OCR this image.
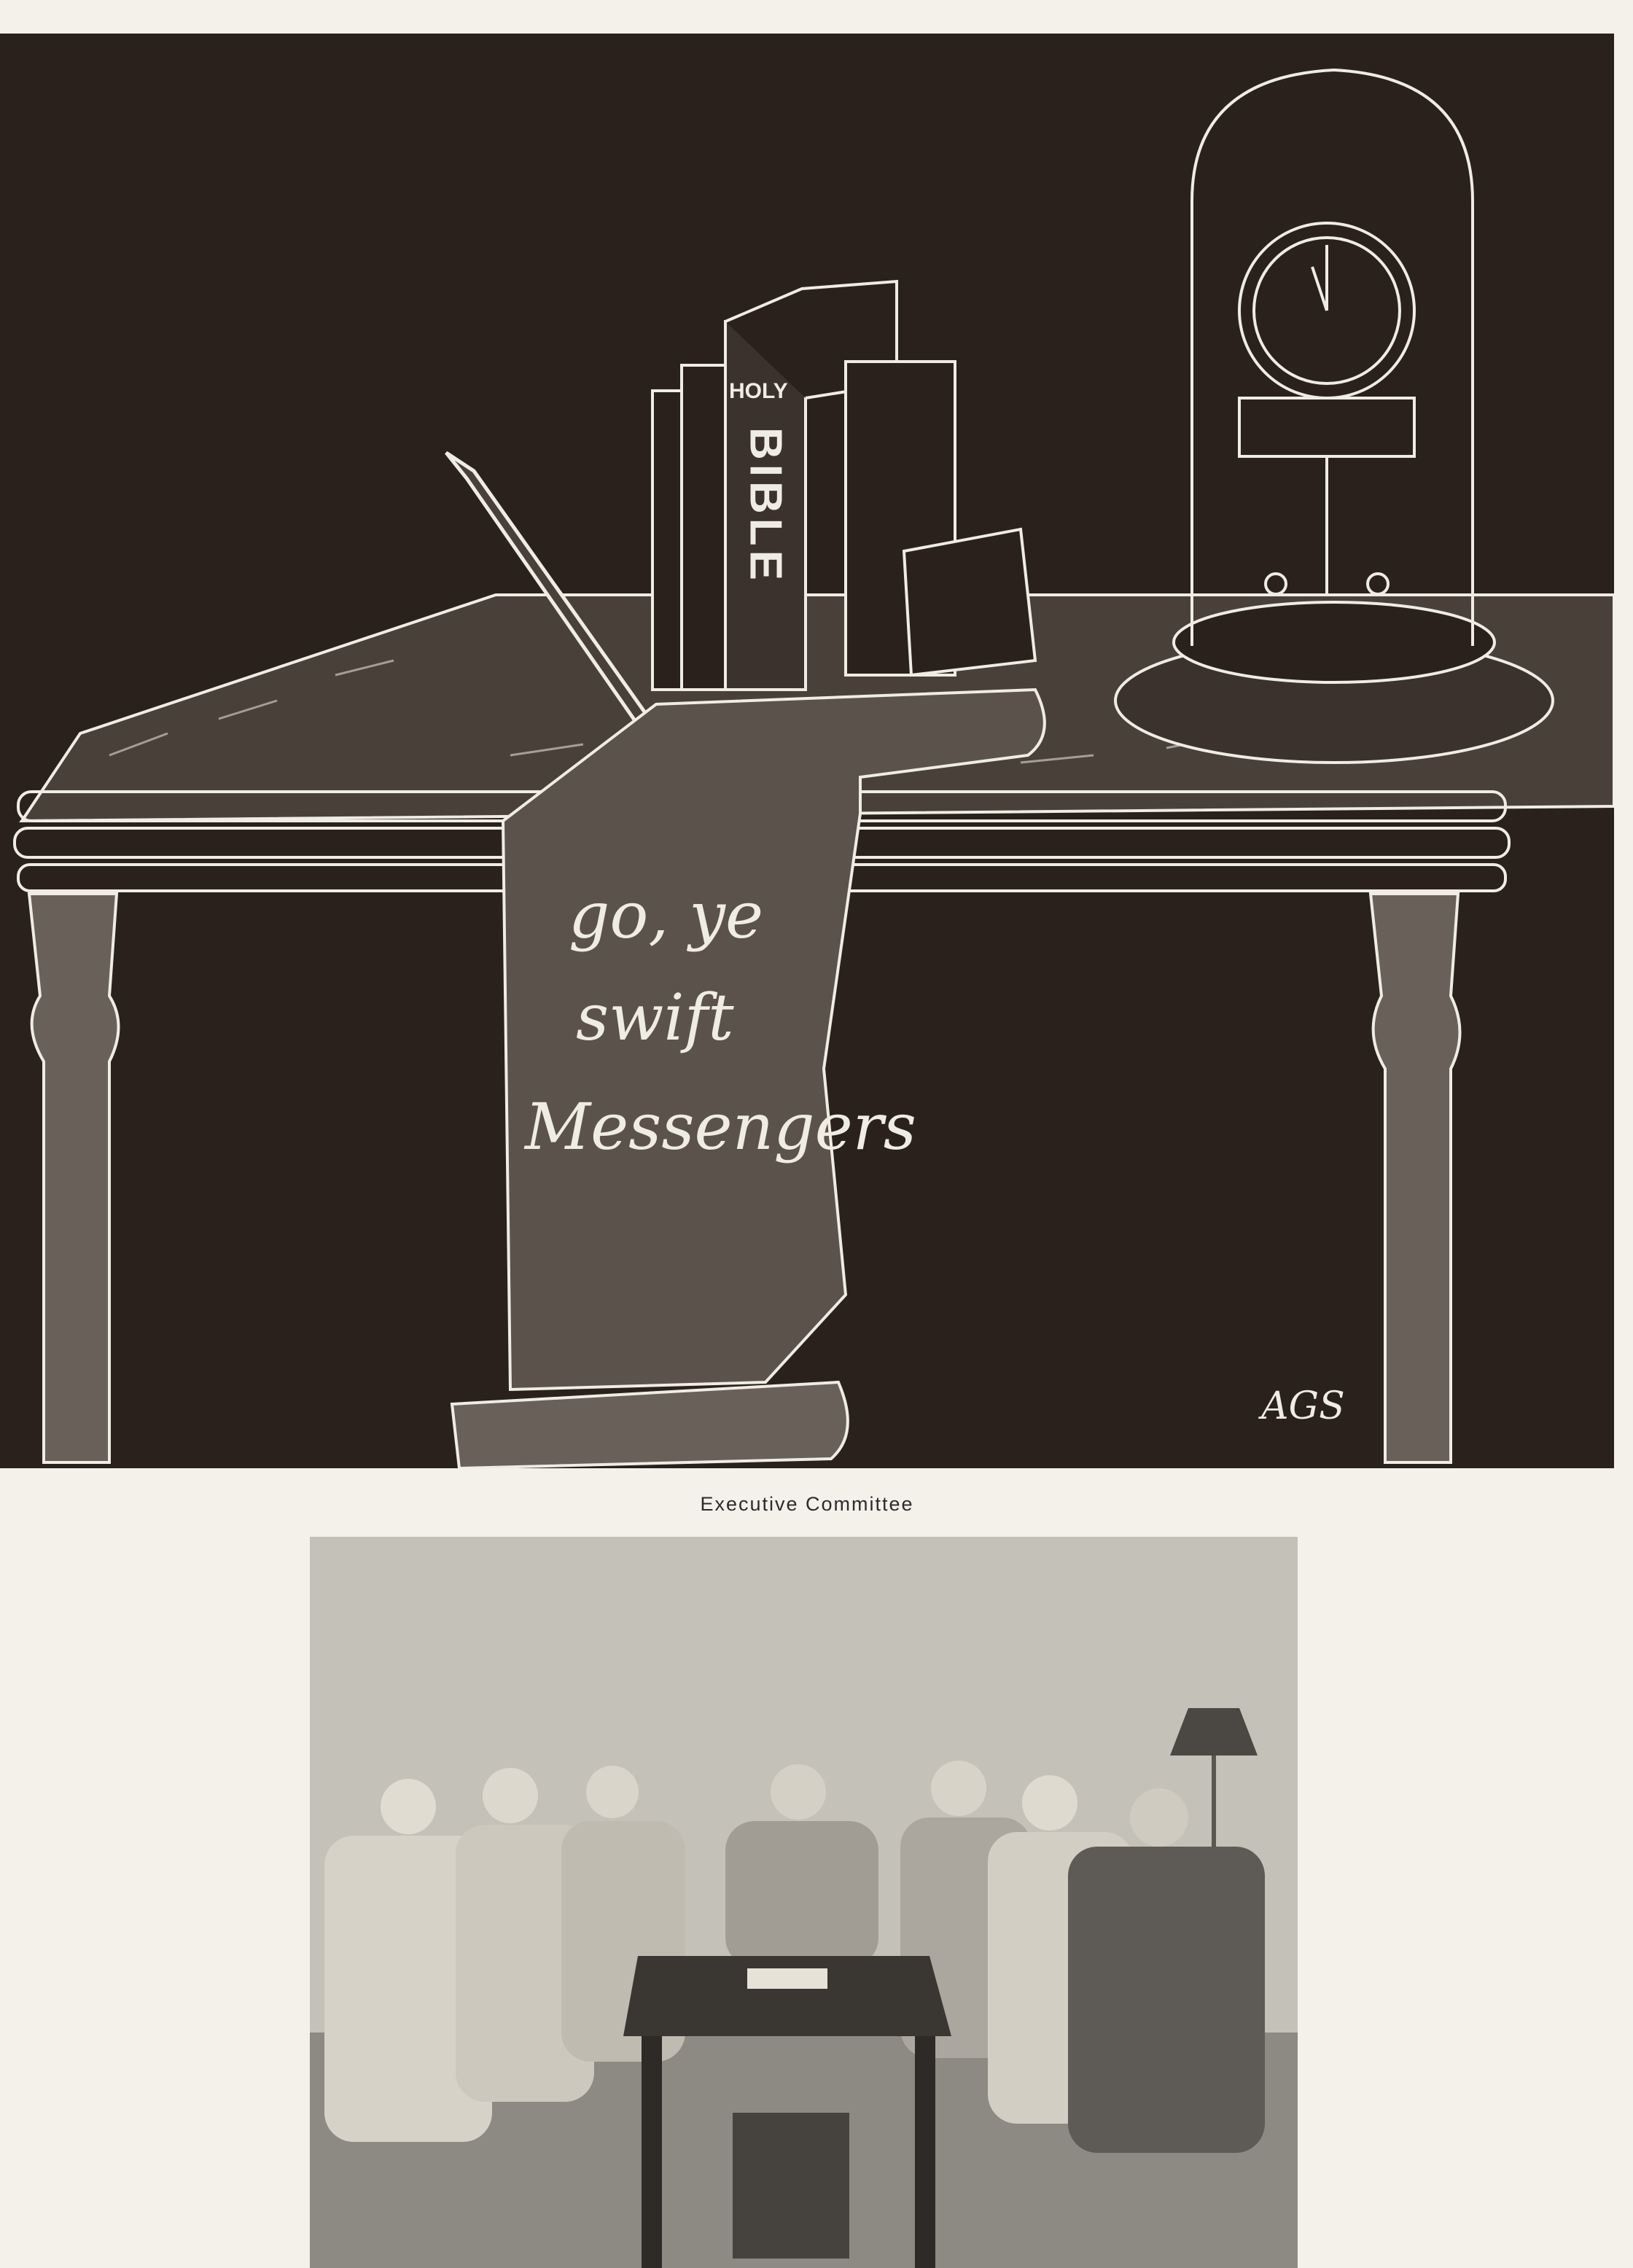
HOLY
BIBLE
go, ye
swift
Messengers
AGS
Executive Committee
